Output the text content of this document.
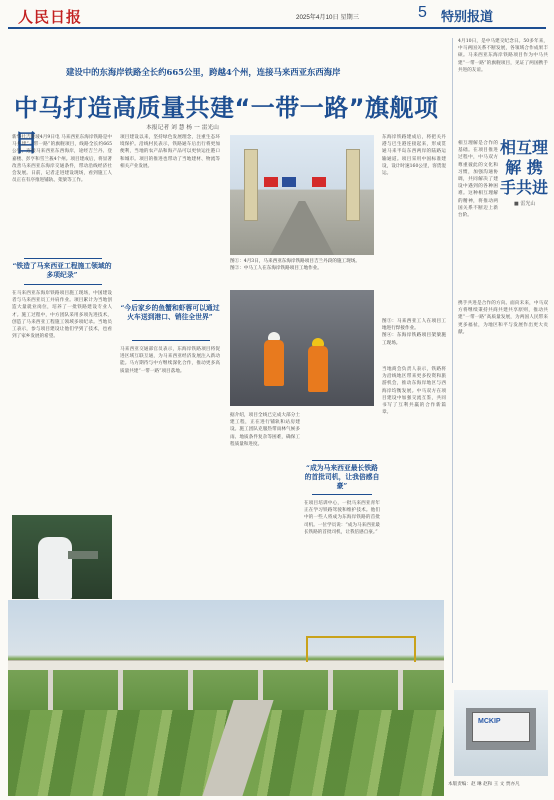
人民日报	2025年4月10日 星期三	5 特别报道
建设中的东海岸铁路全长约665公里，跨越4个州，连接马来西亚东西海岸
中马打造高质量共建“一带一路”旗舰项目
本报记者 刘 慧 杨 一 雷光山
新华社吉隆坡4月9日电 马来西亚东海岸铁路是中马共建“一带一路”的旗舰项目，线路全长约665公里，连接马来西亚东西海岸，途经吉兰丹、登嘉楼、彭亨和雪兰莪4个州。项目建成后，将显著改善马来西亚东海岸交通条件，带动沿线经济社会发展。日前，记者走进建设现场，看到施工人员正在有序推进铺轨、架梁等工作。
“铁造了马来西亚工程施工领域的多项纪录”
在马来西亚东海岸铁路项目施工现场，中国建设者与马来西亚员工并肩作业。项目累计为当地创造大量就业岗位，培养了一批铁路建设专业人才。施工过程中，中方团队采用多项先进技术，创造了马来西亚工程施工领域多项纪录。当地员工表示，参与项目建设让他们学到了技术，也看到了家乡发展的希望。
项目建设以来，坚持绿色发展理念，注重生态环境保护。沿线村民表示，铁路通车后出行将更加便利，当地的农产品和海产品可以更快运往港口和城市。项目的推进也带动了当地建材、物流等相关产业发展。
“今后家乡的鱼蟹和虾蓉可以通过火车送到港口、销往全世界”
马来西亚交通部官员表示，东海岸铁路项目将促进区域互联互通，为马来西亚经济发展注入新动能。马方期待与中方继续深化合作，推动更多高质量共建“一带一路”项目落地。
图①：4月3日，马来西亚东海岸铁路项目吉兰丹段的施工现场。
图②：中马工人在东海岸铁路项目工地作业。
据介绍，项目全线已完成大部分土建工程，正在进行铺轨和站房建设。施工团队克服热带雨林气候多雨、地质条件复杂等困难，确保工程质量和进度。
“成为马来西亚最长铁路的首批司机，让我倍感自豪”
在项目培训中心，一批马来西亚青年正在学习铁路驾驶和维护技术。他们中的一些人将成为东海岸铁路的首批司机。一位学员说：“成为马来西亚最长铁路的首批司机，让我倍感自豪。”
东海岸铁路建成后，将把关丹港与巴生港连接起来，形成贯通马来半岛东西两岸的陆路运输通道。项目采用中国标准建设，设计时速160公里，客货混运。
图③：马来西亚工人在项目工地进行焊接作业。
图④：东海岸铁路项目架梁施工现场。
当地商会负责人表示，铁路将为沿线地区带来更多投资和旅游机会，推动东海岸地区与西海岸均衡发展。中马双方在项目建设中加强交流互鉴，共同书写了互利共赢的合作新篇章。
4月10日，是中马建交纪念日。50多年来，中马两国关系不断发展，各领域合作成果丰硕。马来西亚东海岸铁路项目作为中马共建“一带一路”的旗舰项目，见证了两国携手共进的友谊。
相互理解 携手共进
■ 雷光山
相互理解是合作的基础。在项目推进过程中，中马双方尊重彼此的文化和习惯，加强沟通协调，共同解决了建设中遇到的各种困难。这种相互理解的精神，将推动两国关系不断迈上新台阶。
携手共进是合作的方向。面向未来，中马双方将继续秉持共商共建共享原则，推动共建“一带一路”高质量发展，为两国人民带来更多福祉，为地区和平与发展作出更大贡献。
MCKIP
本版责编：赵 琳 赵和 王 文 贾亦凡
